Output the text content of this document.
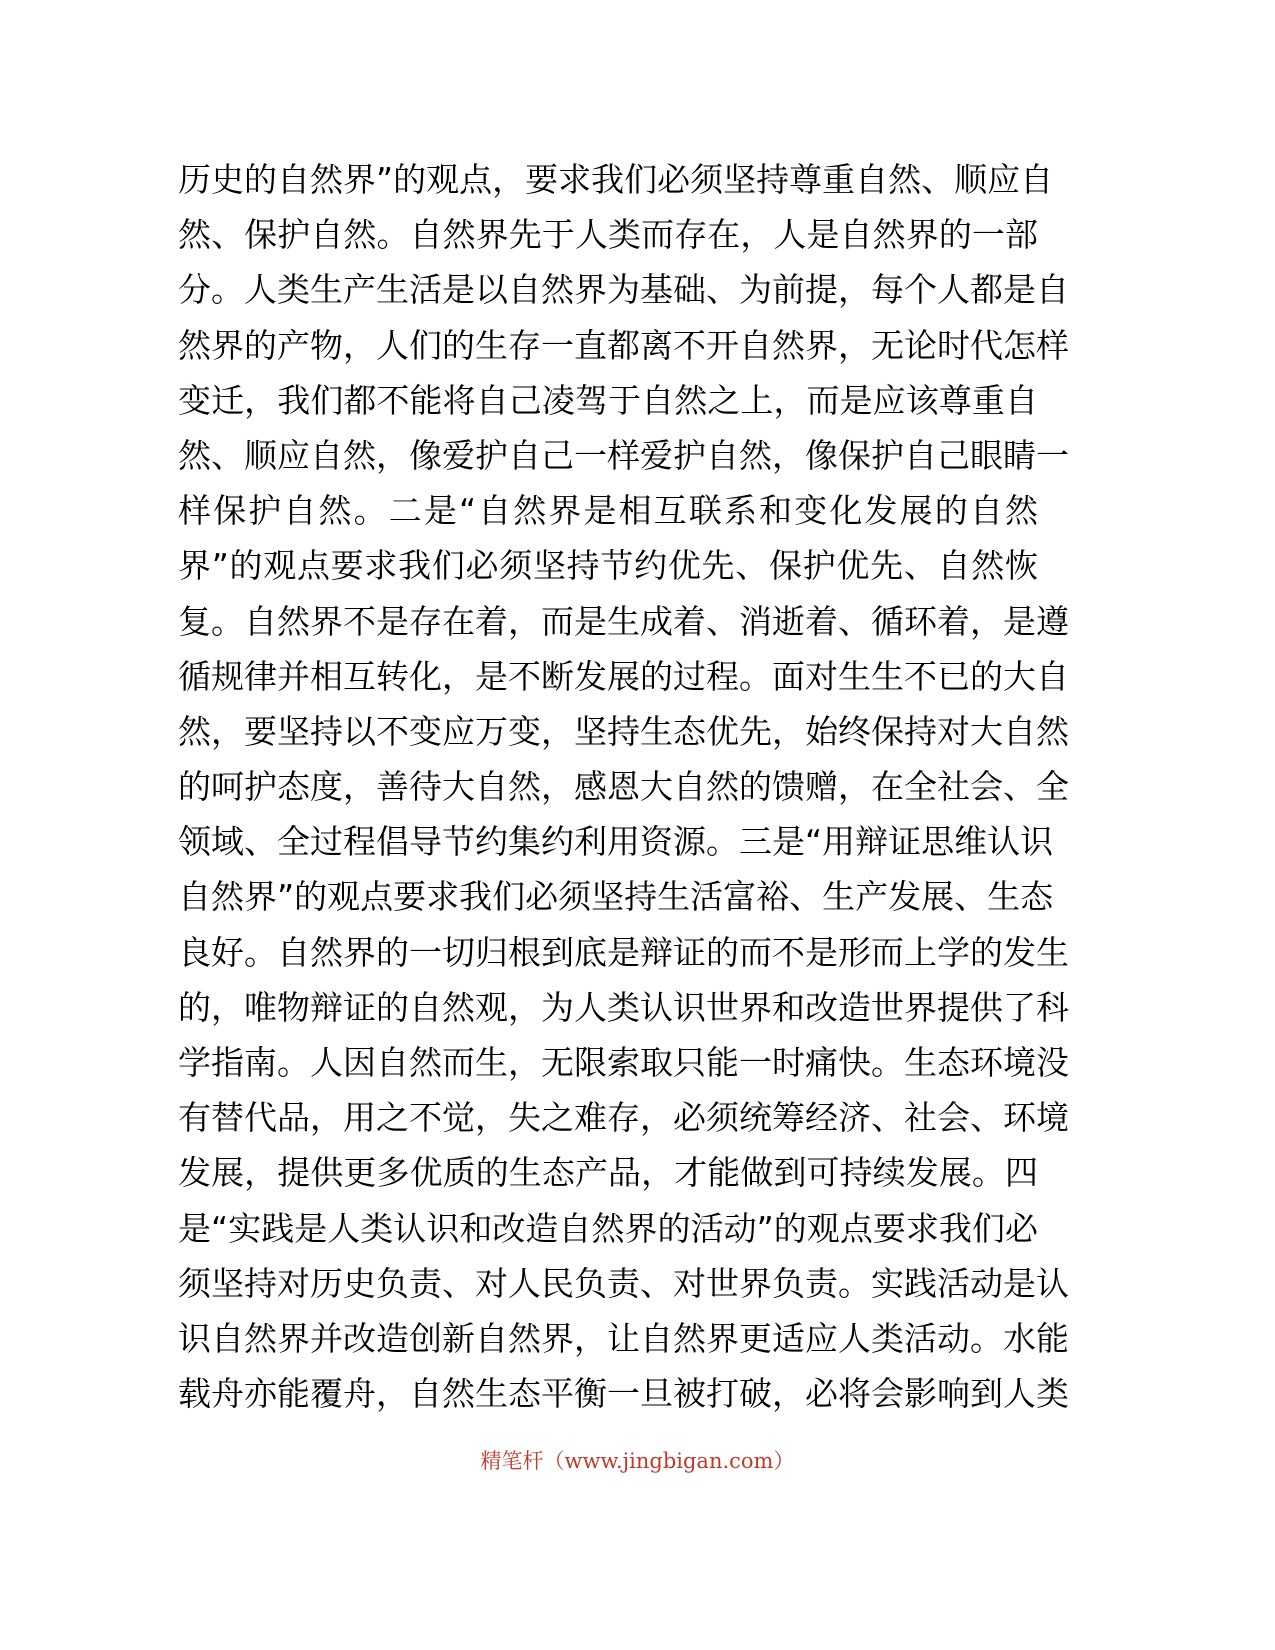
历史的自然界”的观点，要求我们必须坚持尊重自然、顺应自
然、保护自然。自然界先于人类而存在，人是自然界的一部
分。人类生产生活是以自然界为基础、为前提，每个人都是自
然界的产物，人们的生存一直都离不开自然界，无论时代怎样
变迁，我们都不能将自己凌驾于自然之上，而是应该尊重自
然、顺应自然，像爱护自己一样爱护自然，像保护自己眼睛一
样保护自然。二是“自然界是相互联系和变化发展的自然
界”的观点要求我们必须坚持节约优先、保护优先、自然恢
复。自然界不是存在着，而是生成着、消逝着、循环着，是遵
循规律并相互转化，是不断发展的过程。面对生生不已的大自
然，要坚持以不变应万变，坚持生态优先，始终保持对大自然
的呵护态度，善待大自然，感恩大自然的馈赠，在全社会、全
领域、全过程倡导节约集约利用资源。三是“用辩证思维认识
自然界”的观点要求我们必须坚持生活富裕、生产发展、生态
良好。自然界的一切归根到底是辩证的而不是形而上学的发生
的，唯物辩证的自然观，为人类认识世界和改造世界提供了科
学指南。人因自然而生，无限索取只能一时痛快。生态环境没
有替代品，用之不觉，失之难存，必须统筹经济、社会、环境
发展，提供更多优质的生态产品，才能做到可持续发展。四
是“实践是人类认识和改造自然界的活动”的观点要求我们必
须坚持对历史负责、对人民负责、对世界负责。实践活动是认
识自然界并改造创新自然界，让自然界更适应人类活动。水能
载舟亦能覆舟，自然生态平衡一旦被打破，必将会影响到人类
精笔杆（www.jingbigan.com）
